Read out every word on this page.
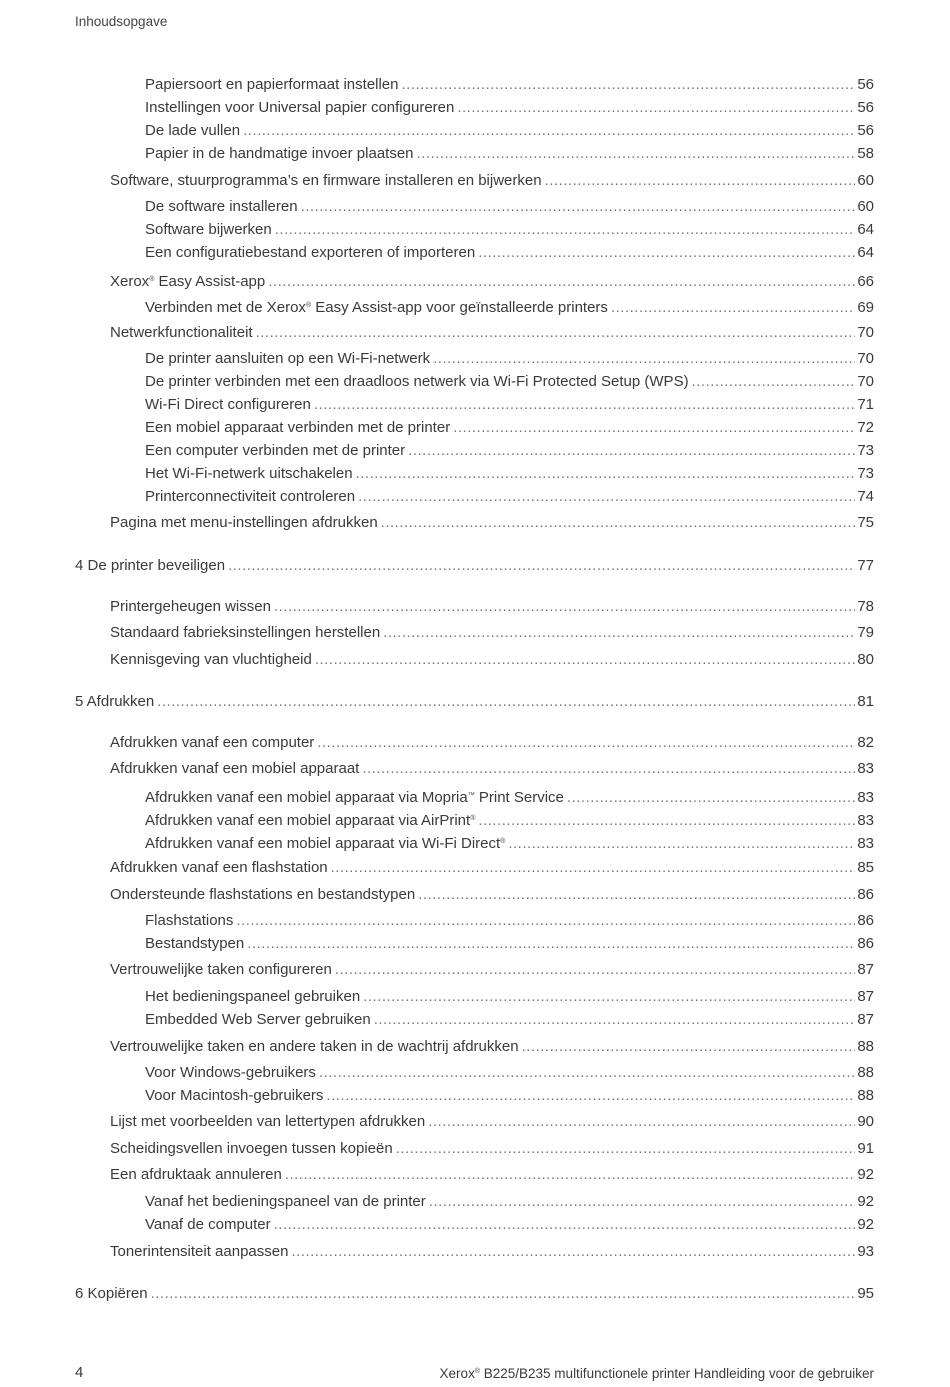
Inhoudsopgave
Papiersoort en papierformaat instellen .....	56
Instellingen voor Universal papier configureren .....	56
De lade vullen .....	56
Papier in de handmatige invoer plaatsen .....	58
Software, stuurprogramma’s en firmware installeren en bijwerken .....	60
De software installeren .....	60
Software bijwerken .....	64
Een configuratiebestand exporteren of importeren .....	64
Xerox® Easy Assist-app .....	66
Verbinden met de Xerox® Easy Assist-app voor geïnstalleerde printers .....	69
Netwerkfunctionaliteit .....	70
De printer aansluiten op een Wi-Fi-netwerk .....	70
De printer verbinden met een draadloos netwerk via Wi-Fi Protected Setup (WPS) .....	70
Wi-Fi Direct configureren .....	71
Een mobiel apparaat verbinden met de printer .....	72
Een computer verbinden met de printer .....	73
Het Wi-Fi-netwerk uitschakelen .....	73
Printerconnectiviteit controleren .....	74
Pagina met menu-instellingen afdrukken .....	75
4 De printer beveiligen .....	77
Printergeheugen wissen .....	78
Standaard fabrieksinstellingen herstellen .....	79
Kennisgeving van vluchtigheid .....	80
5 Afdrukken .....	81
Afdrukken vanaf een computer .....	82
Afdrukken vanaf een mobiel apparaat .....	83
Afdrukken vanaf een mobiel apparaat via Mopria™ Print Service .....	83
Afdrukken vanaf een mobiel apparaat via AirPrint® .....	83
Afdrukken vanaf een mobiel apparaat via Wi-Fi Direct® .....	83
Afdrukken vanaf een flashstation .....	85
Ondersteunde flashstations en bestandstypen .....	86
Flashstations .....	86
Bestandstypen .....	86
Vertrouwelijke taken configureren .....	87
Het bedieningspaneel gebruiken .....	87
Embedded Web Server gebruiken .....	87
Vertrouwelijke taken en andere taken in de wachtrij afdrukken .....	88
Voor Windows-gebruikers .....	88
Voor Macintosh-gebruikers .....	88
Lijst met voorbeelden van lettertypen afdrukken .....	90
Scheidingsvellen invoegen tussen kopieën .....	91
Een afdruktaak annuleren .....	92
Vanaf het bedieningspaneel van de printer .....	92
Vanaf de computer .....	92
Tonerintensiteit aanpassen .....	93
6 Kopiëren .....	95
4	Xerox® B225/B235 multifunctionele printer Handleiding voor de gebruiker
